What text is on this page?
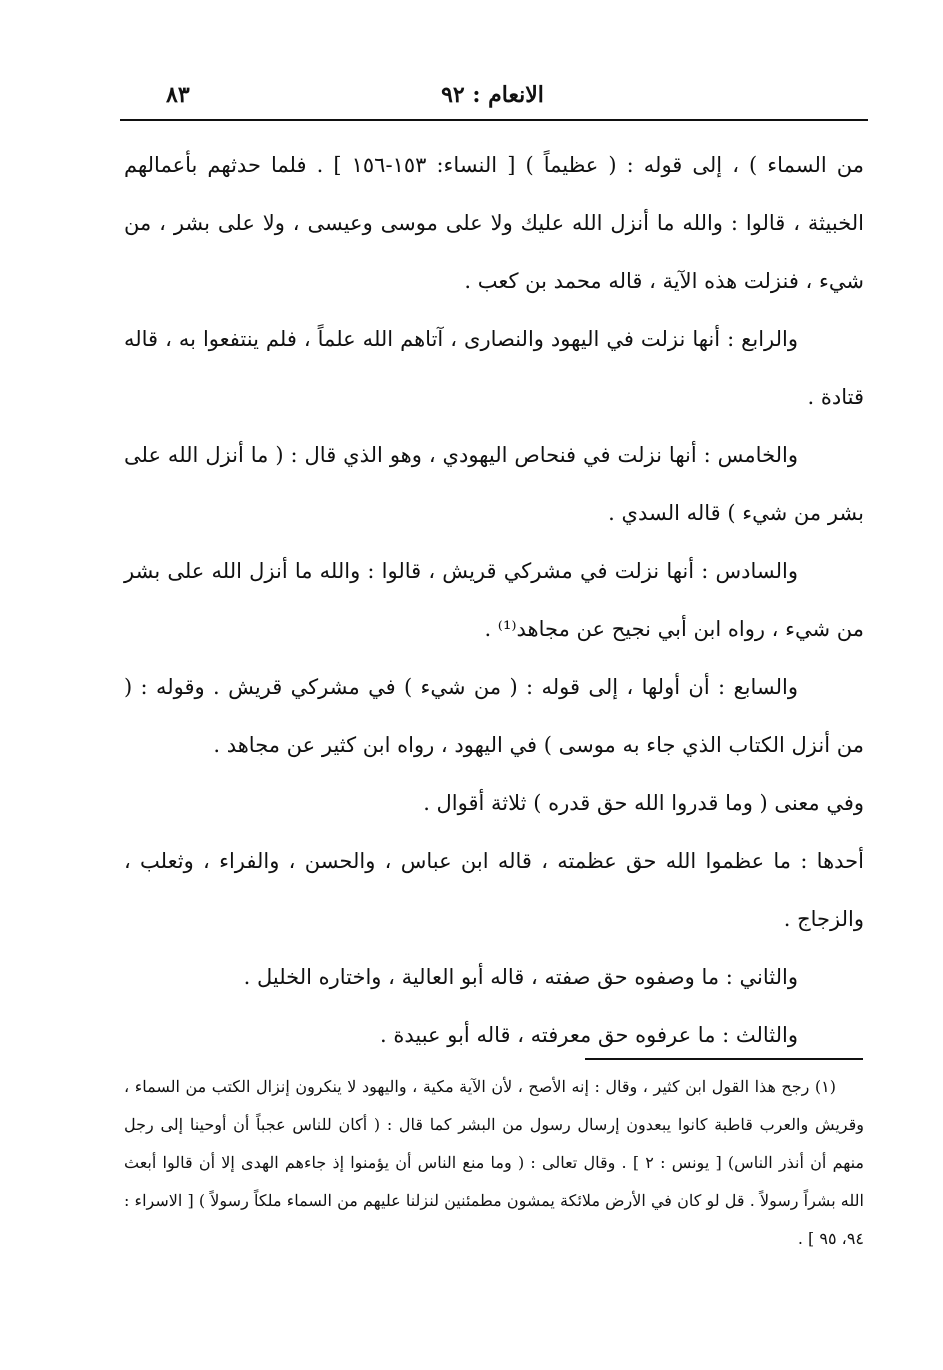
الانعام : ٩٢
٨٣

من السماء ) ، إلى قوله : ( عظيماً ) [ النساء: ١٥٣-١٥٦ ] . فلما حدثهم بأعمالهم الخبيثة ، قالوا : والله ما أنزل الله عليك ولا على موسى وعيسى ، ولا على بشر ، من شيء ، فنزلت هذه الآية ، قاله محمد بن كعب .

والرابع : أنها نزلت في اليهود والنصارى ، آتاهم الله علماً ، فلم ينتفعوا به ، قاله قتادة .

والخامس : أنها نزلت في فنحاص اليهودي ، وهو الذي قال : ( ما أنزل الله على بشر من شيء ) قاله السدي .

والسادس : أنها نزلت في مشركي قريش ، قالوا : والله ما أنزل الله على بشر من شيء ، رواه ابن أبي نجيح عن مجاهد⁽¹⁾ .

والسابع : أن أولها ، إلى قوله : ( من شيء ) في مشركي قريش . وقوله : ( من أنزل الكتاب الذي جاء به موسى ) في اليهود ، رواه ابن كثير عن مجاهد .

وفي معنى ( وما قدروا الله حق قدره ) ثلاثة أقوال .

أحدها : ما عظموا الله حق عظمته ، قاله ابن عباس ، والحسن ، والفراء ، وثعلب ، والزجاج .

والثاني : ما وصفوه حق صفته ، قاله أبو العالية ، واختاره الخليل .

والثالث : ما عرفوه حق معرفته ، قاله أبو عبيدة .

(١) رجح هذا القول ابن كثير ، وقال : إنه الأصح ، لأن الآية مكية ، واليهود لا ينكرون إنزال الكتب من السماء ، وقريش والعرب قاطبة كانوا يبعدون إرسال رسول من البشر كما قال : ( أكان للناس عجباً أن أوحينا إلى رجل منهم أن أنذر الناس) [ يونس : ٢ ] . وقال تعالى : ( وما منع الناس أن يؤمنوا إذ جاءهم الهدى إلا أن قالوا أبعث الله بشراً رسولاً . قل لو كان في الأرض ملائكة يمشون مطمئنين لنزلنا عليهم من السماء ملكاً رسولاً ) [ الاسراء : ٩٤، ٩٥ ] .
